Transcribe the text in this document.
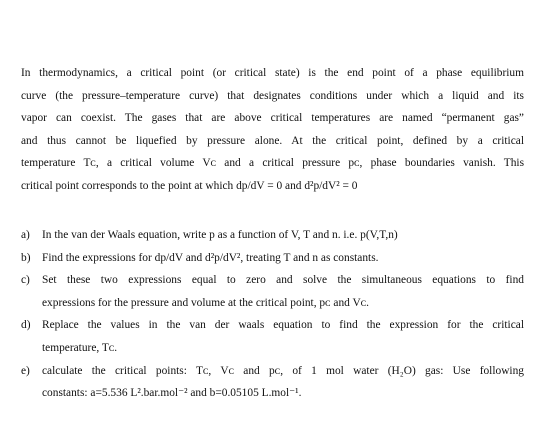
In thermodynamics, a critical point (or critical state) is the end point of a phase equilibrium
curve (the pressure–temperature curve) that designates conditions under which a liquid and its
vapor can coexist. The gases that are above critical temperatures are named “permanent gas”
and thus cannot be liquefied by pressure alone. At the critical point, defined by a critical
temperature Tᴄ, a critical volume Vᴄ and a critical pressure pᴄ, phase boundaries vanish. This
critical point corresponds to the point at which dp/dV = 0 and d²p/dV² = 0

a) In the van der Waals equation, write p as a function of V, T and n. i.e. p(V,T,n)
b) Find the expressions for dp/dV and d²p/dV², treating T and n as constants.
c) Set these two expressions equal to zero and solve the simultaneous equations to find
expressions for the pressure and volume at the critical point, pᴄ and Vᴄ.
d) Replace the values in the van der waals equation to find the expression for the critical
temperature, Tᴄ.
e) calculate the critical points: Tᴄ, Vᴄ and pᴄ, of 1 mol water (H₂O) gas: Use following
constants: a=5.536 L².bar.mol⁻² and b=0.05105 L.mol⁻¹.
